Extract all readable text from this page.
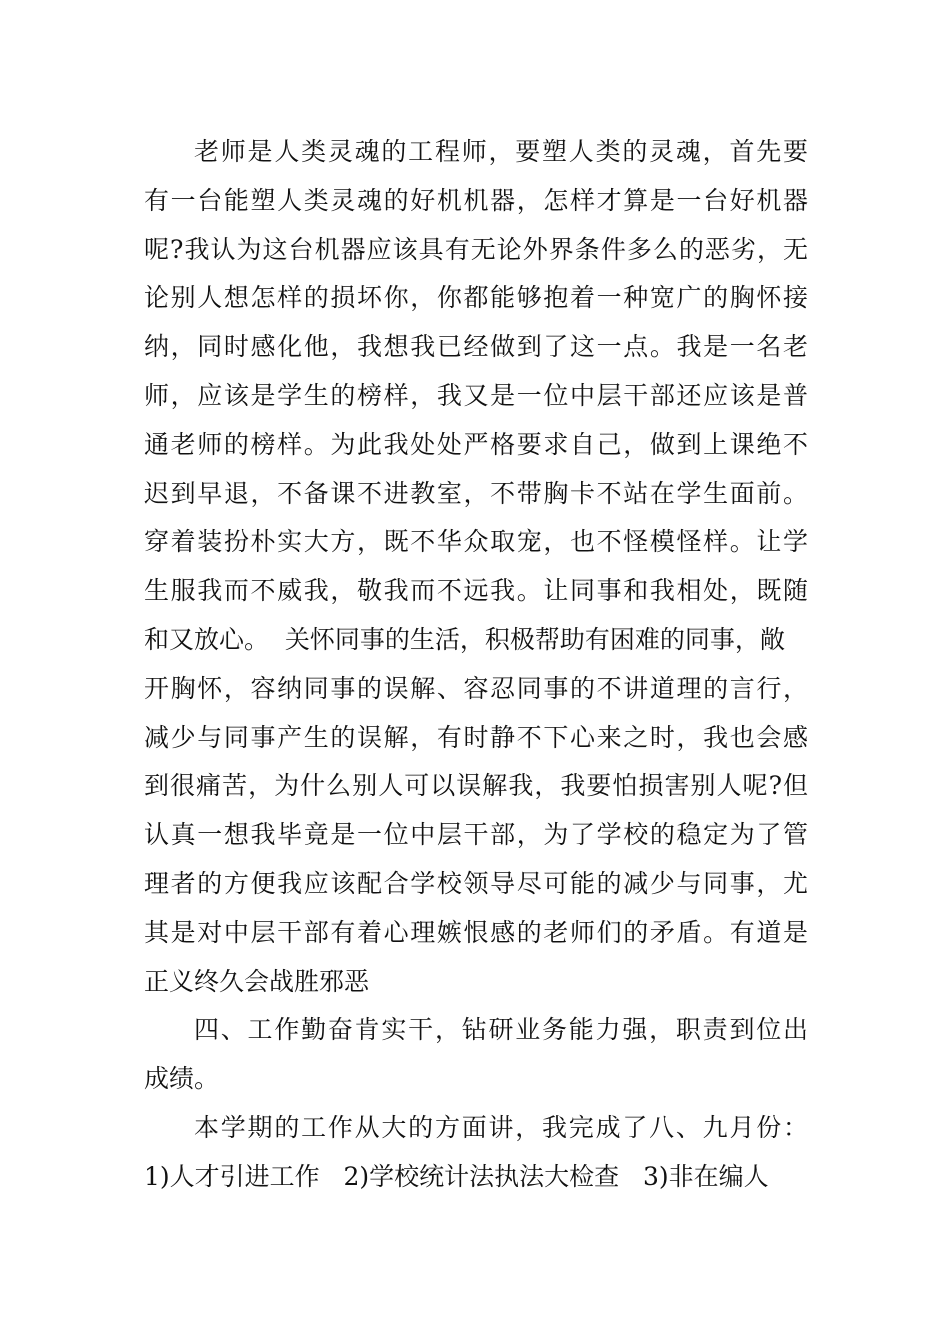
老师是人类灵魂的工程师，要塑人类的灵魂，首先要
有一台能塑人类灵魂的好机机器，怎样才算是一台好机器
呢?我认为这台机器应该具有无论外界条件多么的恶劣，无
论别人想怎样的损坏你，你都能够抱着一种宽广的胸怀接
纳，同时感化他，我想我已经做到了这一点。我是一名老
师，应该是学生的榜样，我又是一位中层干部还应该是普
通老师的榜样。为此我处处严格要求自己，做到上课绝不
迟到早退，不备课不进教室，不带胸卡不站在学生面前。
穿着装扮朴实大方，既不华众取宠，也不怪模怪样。让学
生服我而不威我，敬我而不远我。让同事和我相处，既随
和又放心。  关怀同事的生活，积极帮助有困难的同事，敞
开胸怀，容纳同事的误解、容忍同事的不讲道理的言行，
减少与同事产生的误解，有时静不下心来之时，我也会感
到很痛苦，为什么别人可以误解我，我要怕损害别人呢?但
认真一想我毕竟是一位中层干部，为了学校的稳定为了管
理者的方便我应该配合学校领导尽可能的减少与同事，尤
其是对中层干部有着心理嫉恨感的老师们的矛盾。有道是
正义终久会战胜邪恶
四、工作勤奋肯实干，钻研业务能力强，职责到位出
成绩。
本学期的工作从大的方面讲，我完成了八、九月份：
1)人才引进工作   2)学校统计法执法大检查   3)非在编人
